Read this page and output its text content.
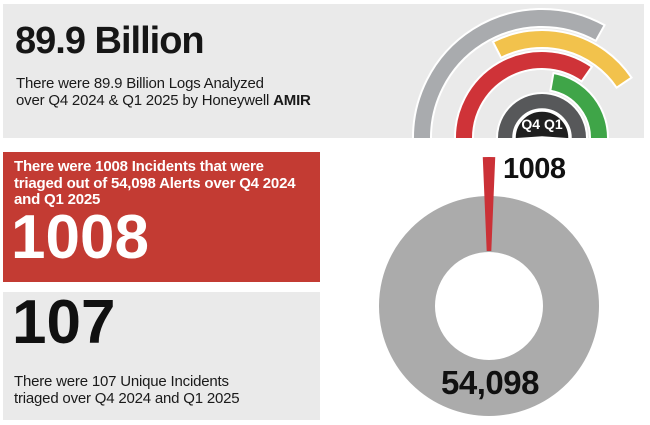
89.9 Billion
There were 89.9 Billion Logs Analyzed
over Q4 2024 & Q1 2025 by Honeywell AMIR
Q4 Q1
There were 1008 Incidents that were
triaged out of 54,098 Alerts over Q4 2024
and Q1 2025
1008
107
There were 107 Unique Incidents
triaged over Q4 2024 and Q1 2025
1008
54,098
